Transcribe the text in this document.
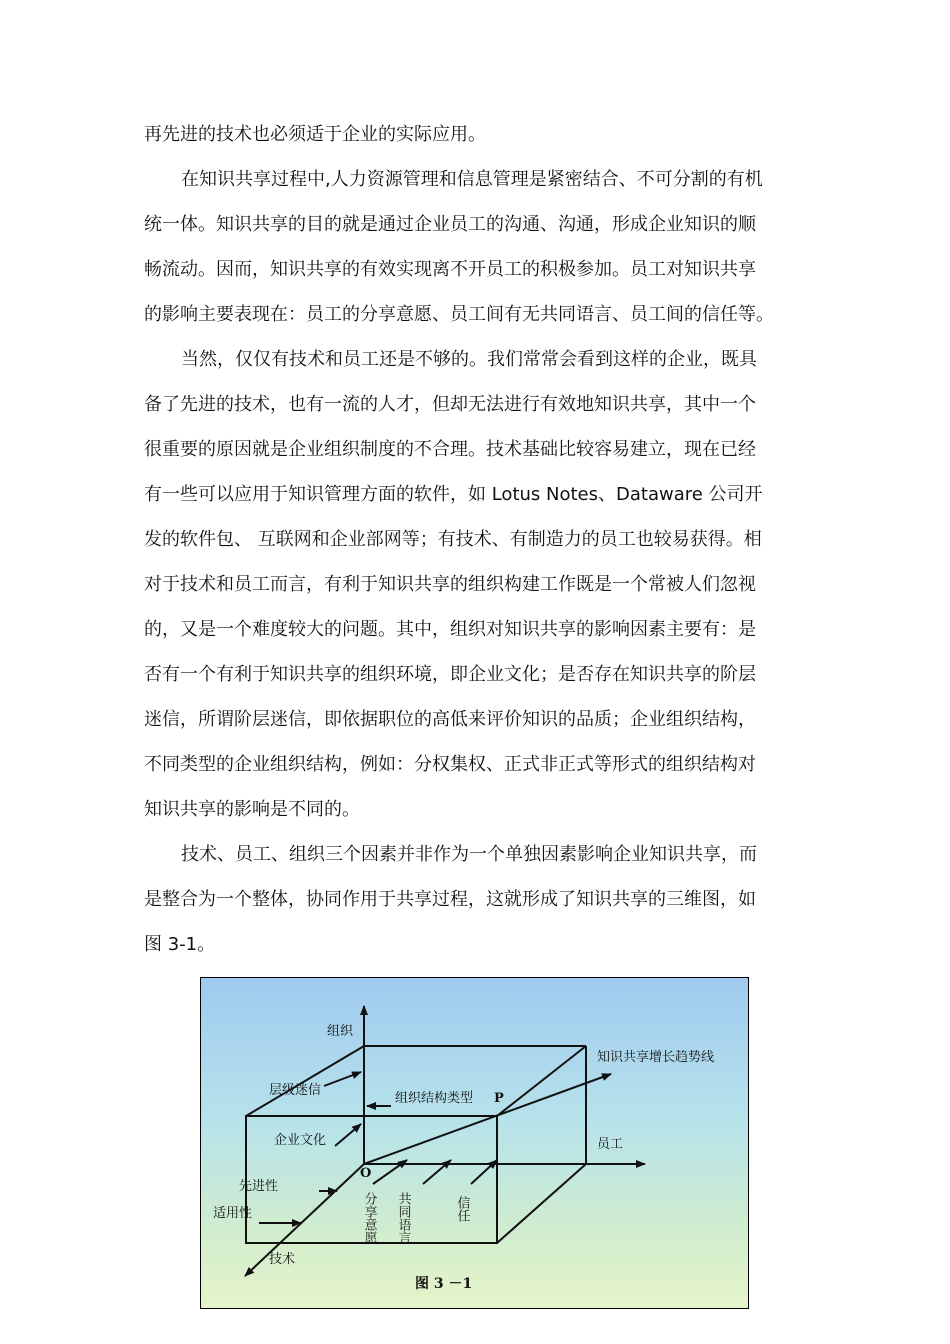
再先进的技术也必须适于企业的实际应用。
在知识共享过程中,人力资源管理和信息管理是紧密结合、不可分割的有机
统一体。知识共享的目的就是通过企业员工的沟通、沟通，形成企业知识的顺
畅流动。因而，知识共享的有效实现离不开员工的积极参加。员工对知识共享
的影响主要表现在：员工的分享意愿、员工间有无共同语言、员工间的信任等。
当然，仅仅有技术和员工还是不够的。我们常常会看到这样的企业，既具
备了先进的技术，也有一流的人才，但却无法进行有效地知识共享，其中一个
很重要的原因就是企业组织制度的不合理。技术基础比较容易建立，现在已经
有一些可以应用于知识管理方面的软件，如 Lotus Notes、Dataware 公司开
发的软件包、 互联网和企业部网等；有技术、有制造力的员工也较易获得。相
对于技术和员工而言，有利于知识共享的组织构建工作既是一个常被人们忽视
的，又是一个难度较大的问题。其中，组织对知识共享的影响因素主要有：是
否有一个有利于知识共享的组织环境，即企业文化；是否存在知识共享的阶层
迷信，所谓阶层迷信，即依据职位的高低来评价知识的品质；企业组织结构，
不同类型的企业组织结构，例如：分权集权、正式非正式等形式的组织结构对
知识共享的影响是不同的。
技术、员工、组织三个因素并非作为一个单独因素影响企业知识共享，而
是整合为一个整体，协同作用于共享过程，这就形成了知识共享的三维图，如
图 3-1。
组织
层级迷信
企业文化
组织结构类型 P
知识共享增长趋势线
员工
O
先进性
适用性
技术
分享意愿 共同语言	信任
图 3 －1
